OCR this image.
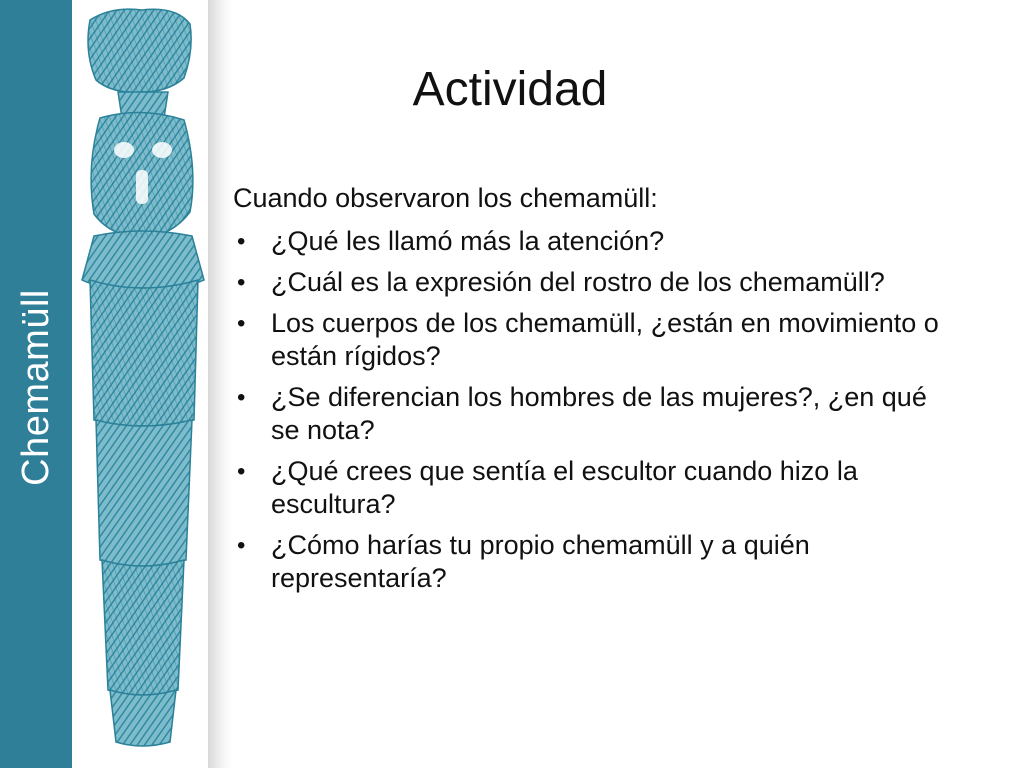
Chemamüll
Actividad

Cuando observaron los chemamüll:

• ¿Qué les llamó más la atención?
• ¿Cuál es la expresión del rostro de los chemamüll?
• Los cuerpos de los chemamüll, ¿están en movimiento o están rígidos?
• ¿Se diferencian los hombres de las mujeres?, ¿en qué se nota?
• ¿Qué crees que sentía el escultor cuando hizo la escultura?
• ¿Cómo harías tu propio chemamüll y a quién representaría?
